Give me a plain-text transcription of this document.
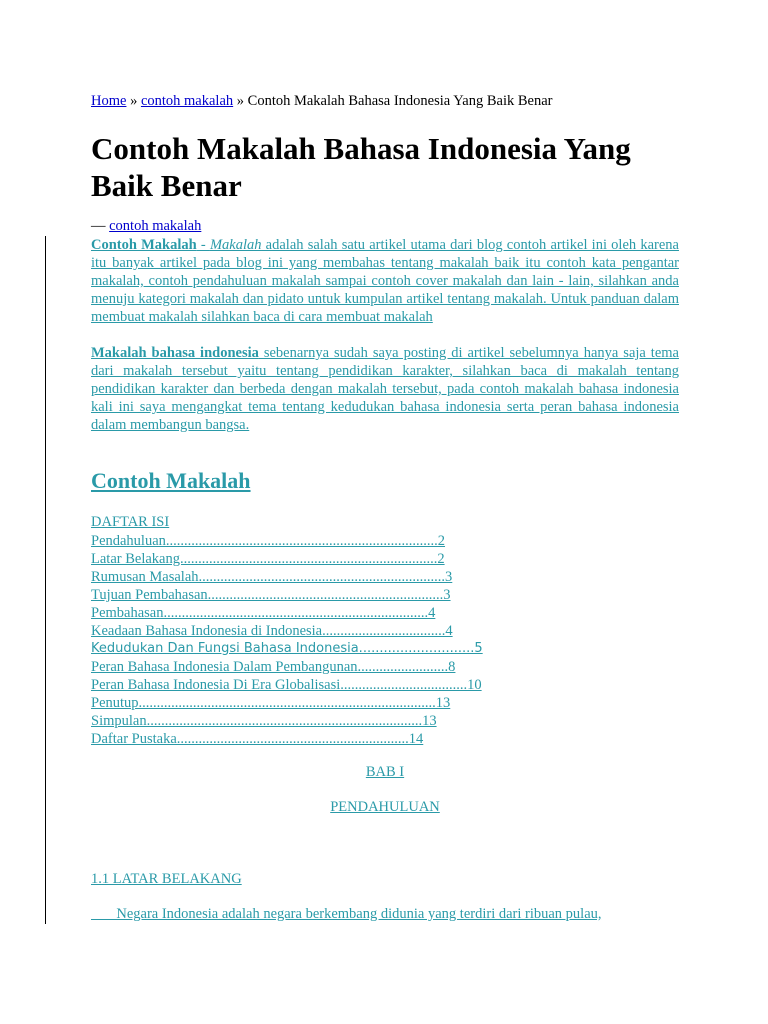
Home » contoh makalah » Contoh Makalah Bahasa Indonesia Yang Baik Benar
Contoh Makalah Bahasa Indonesia Yang Baik Benar
— contoh makalah

Contoh Makalah - Makalah adalah salah satu artikel utama dari blog contoh artikel ini oleh karena itu banyak artikel pada blog ini yang membahas tentang makalah baik itu contoh kata pengantar makalah, contoh pendahuluan makalah sampai contoh cover makalah dan lain - lain, silahkan anda menuju kategori makalah dan pidato untuk kumpulan artikel tentang makalah. Untuk panduan dalam membuat makalah silahkan baca di cara membuat makalah

Makalah bahasa indonesia sebenarnya sudah saya posting di artikel sebelumnya hanya saja tema dari makalah tersebut yaitu tentang pendidikan karakter, silahkan baca di makalah tentang pendidikan karakter dan berbeda dengan makalah tersebut, pada contoh makalah bahasa indonesia kali ini saya mengangkat tema tentang kedudukan bahasa indonesia serta peran bahasa indonesia dalam membangun bangsa.

Contoh Makalah
DAFTAR ISI
Pendahuluan...........................................................................2
Latar Belakang.......................................................................2
Rumusan Masalah....................................................................3
Tujuan Pembahasan.................................................................3
Pembahasan.........................................................................4
Keadaan Bahasa Indonesia di Indonesia..................................4
Kedudukan Dan Fungsi Bahasa Indonesia............................5
Peran Bahasa Indonesia Dalam Pembangunan.........................8
Peran Bahasa Indonesia Di Era Globalisasi...................................10
Penutup..................................................................................13
Simpulan............................................................................13
Daftar Pustaka................................................................14
BAB I
PENDAHULUAN
1.1 LATAR BELAKANG
Negara Indonesia adalah negara berkembang didunia yang terdiri dari ribuan pulau,
